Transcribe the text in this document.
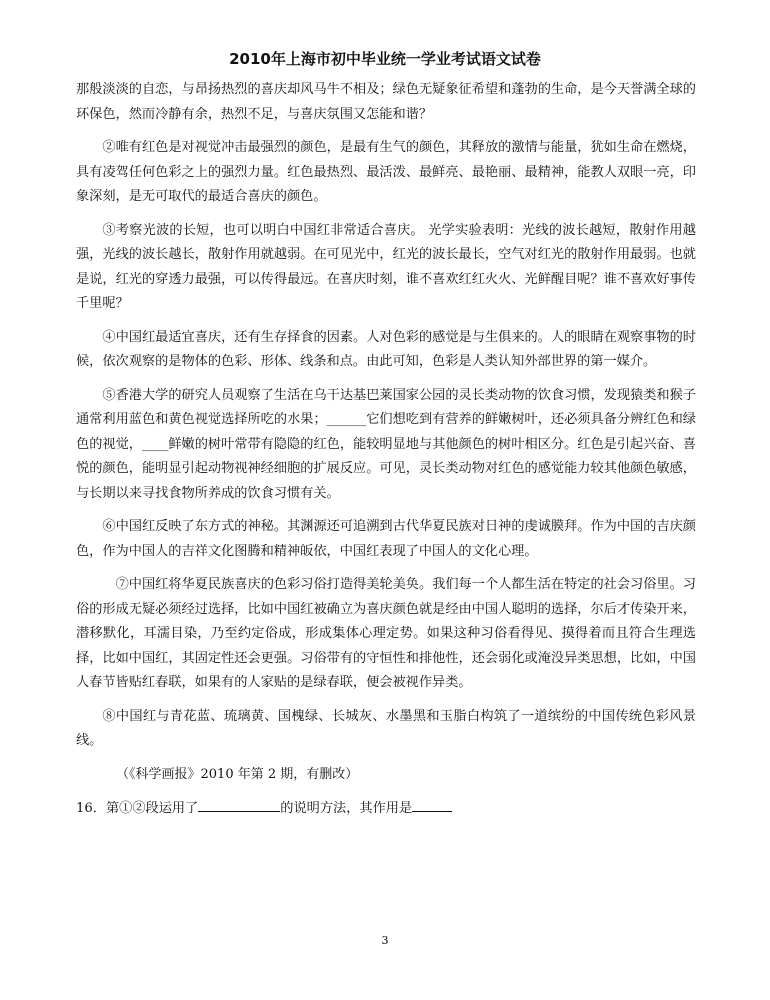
2010年上海市初中毕业统一学业考试语文试卷

那般淡淡的自恋，与昂扬热烈的喜庆却风马牛不相及；绿色无疑象征希望和蓬勃的生命，是今天誉满全球的环保色，然而冷静有余，热烈不足，与喜庆氛围又怎能和谐？

②唯有红色是对视觉冲击最强烈的颜色，是最有生气的颜色，其释放的激情与能量，犹如生命在燃烧，具有凌驾任何色彩之上的强烈力量。红色最热烈、最活泼、最鲜亮、最艳丽、最精神，能教人双眼一亮，印象深刻，是无可取代的最适合喜庆的颜色。

③考察光波的长短，也可以明白中国红非常适合喜庆。 光学实验表明：光线的波长越短，散射作用越强，光线的波长越长，散射作用就越弱。在可见光中，红光的波长最长，空气对红光的散射作用最弱。也就是说，红光的穿透力最强，可以传得最远。在喜庆时刻，谁不喜欢红红火火、光鲜醒目呢？谁不喜欢好事传千里呢？

④中国红最适宜喜庆，还有生存择食的因素。人对色彩的感觉是与生俱来的。人的眼睛在观察事物的时候，依次观察的是物体的色彩、形体、线条和点。由此可知，色彩是人类认知外部世界的第一媒介。

⑤香港大学的研究人员观察了生活在乌干达基巴莱国家公园的灵长类动物的饮食习惯，发现猿类和猴子通常利用蓝色和黄色视觉选择所吃的水果；______它们想吃到有营养的鲜嫩树叶，还必须具备分辨红色和绿色的视觉，____鲜嫩的树叶常带有隐隐的红色，能较明显地与其他颜色的树叶相区分。红色是引起兴奋、喜悦的颜色，能明显引起动物视神经细胞的扩展反应。可见，灵长类动物对红色的感觉能力较其他颜色敏感，与长期以来寻找食物所养成的饮食习惯有关。

⑥中国红反映了东方式的神秘。其渊源还可追溯到古代华夏民族对日神的虔诚膜拜。作为中国的吉庆颜色，作为中国人的吉祥文化图腾和精神皈依，中国红表现了中国人的文化心理。

⑦中国红将华夏民族喜庆的色彩习俗打造得美轮美奂。我们每一个人都生活在特定的社会习俗里。习俗的形成无疑必须经过选择，比如中国红被确立为喜庆颜色就是经由中国人聪明的选择，尔后才传染开来，潜移默化，耳濡目染，乃至约定俗成，形成集体心理定势。如果这种习俗看得见、摸得着而且符合生理选择，比如中国红，其固定性还会更强。习俗带有的守恒性和排他性，还会弱化或淹没异类思想，比如，中国人春节皆贴红春联，如果有的人家贴的是绿春联，便会被视作异类。

⑧中国红与青花蓝、琉璃黄、国槐绿、长城灰、水墨黑和玉脂白构筑了一道缤纷的中国传统色彩风景线。

（《科学画报》2010 年第 2 期，有删改）
16．第①②段运用了	的说明方法，其作用是
3
